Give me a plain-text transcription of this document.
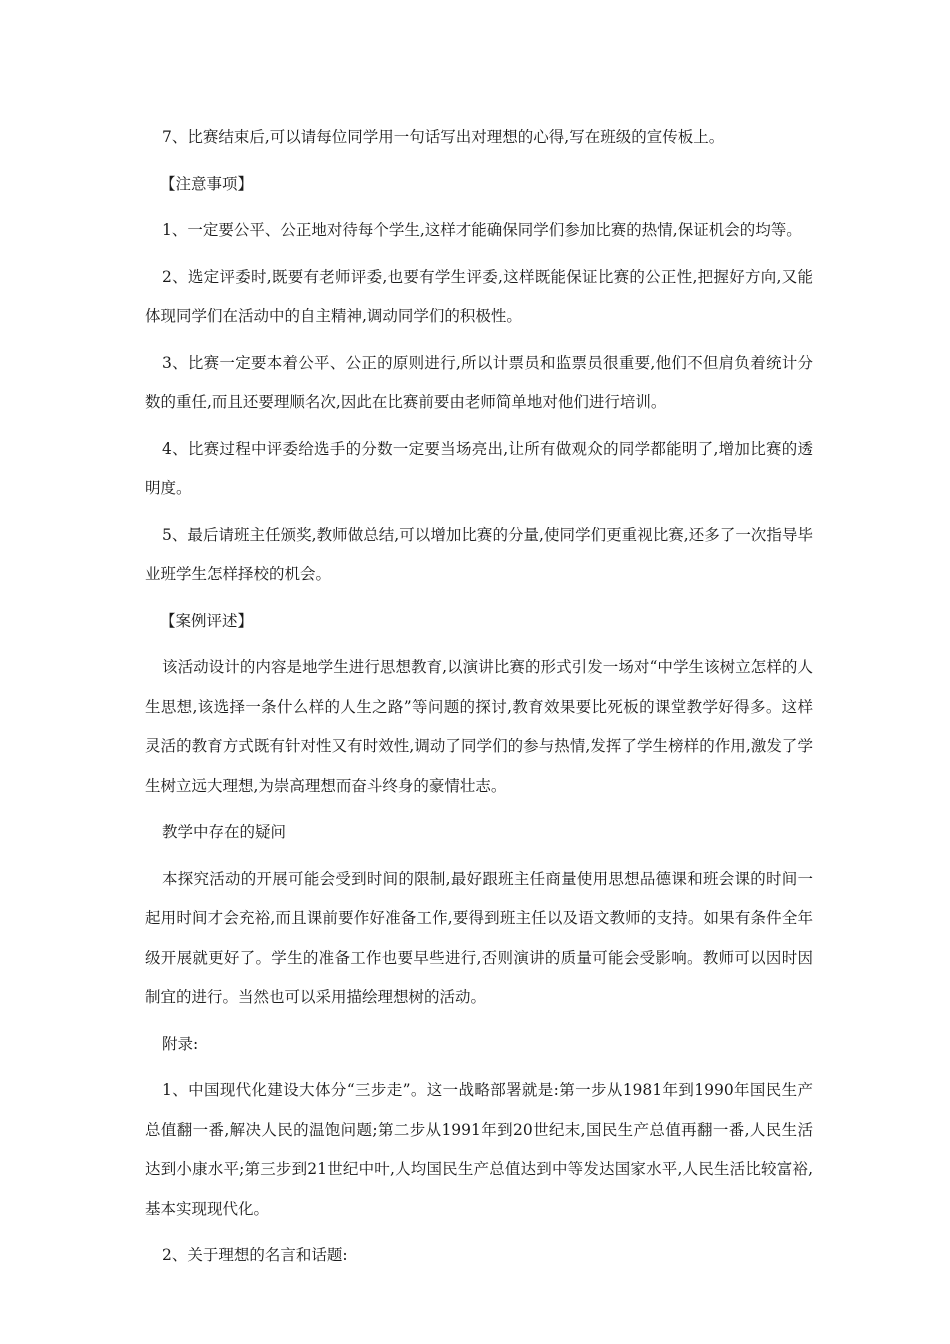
7、比赛结束后,可以请每位同学用一句话写出对理想的心得,写在班级的宣传板上。

【注意事项】

1、一定要公平、公正地对待每个学生,这样才能确保同学们参加比赛的热情,保证机会的均等。

2、选定评委时,既要有老师评委,也要有学生评委,这样既能保证比赛的公正性,把握好方向,又能体现同学们在活动中的自主精神,调动同学们的积极性。

3、比赛一定要本着公平、公正的原则进行,所以计票员和监票员很重要,他们不但肩负着统计分数的重任,而且还要理顺名次,因此在比赛前要由老师简单地对他们进行培训。

4、比赛过程中评委给选手的分数一定要当场亮出,让所有做观众的同学都能明了,增加比赛的透明度。

5、最后请班主任颁奖,教师做总结,可以增加比赛的分量,使同学们更重视比赛,还多了一次指导毕业班学生怎样择校的机会。

【案例评述】

该活动设计的内容是地学生进行思想教育,以演讲比赛的形式引发一场对“中学生该树立怎样的人生思想,该选择一条什么样的人生之路”等问题的探讨,教育效果要比死板的课堂教学好得多。这样灵活的教育方式既有针对性又有时效性,调动了同学们的参与热情,发挥了学生榜样的作用,激发了学生树立远大理想,为崇高理想而奋斗终身的豪情壮志。

教学中存在的疑问

本探究活动的开展可能会受到时间的限制,最好跟班主任商量使用思想品德课和班会课的时间一起用时间才会充裕,而且课前要作好准备工作,要得到班主任以及语文教师的支持。如果有条件全年级开展就更好了。学生的准备工作也要早些进行,否则演讲的质量可能会受影响。教师可以因时因制宜的进行。当然也可以采用描绘理想树的活动。

附录:

1、中国现代化建设大体分“三步走”。这一战略部署就是:第一步从1981年到1990年国民生产总值翻一番,解决人民的温饱问题;第二步从1991年到20世纪末,国民生产总值再翻一番,人民生活达到小康水平;第三步到21世纪中叶,人均国民生产总值达到中等发达国家水平,人民生活比较富裕,基本实现现代化。

2、关于理想的名言和话题:
